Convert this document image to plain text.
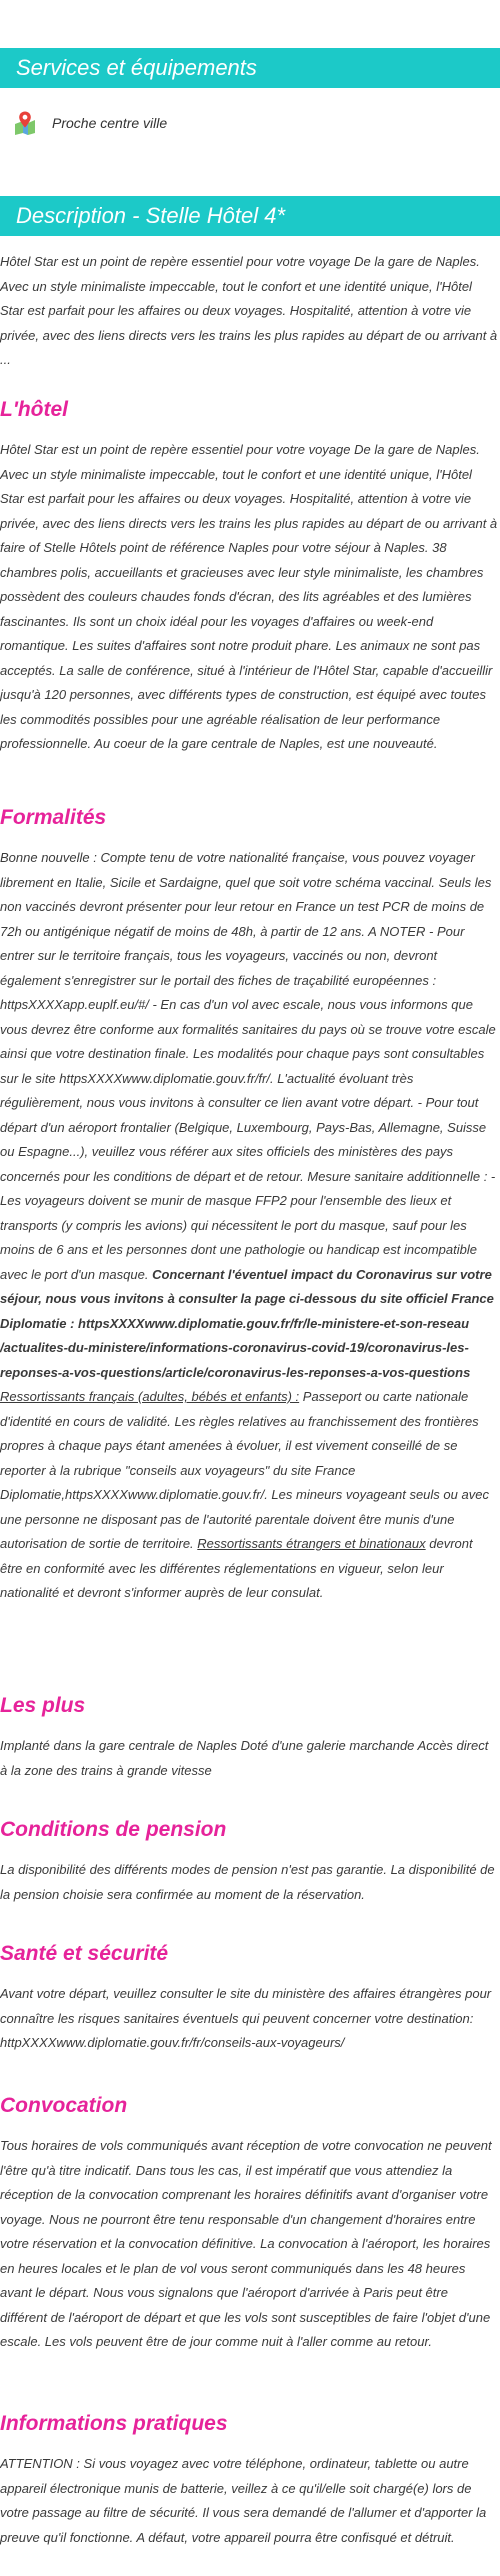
Services et équipements
Proche centre ville
Description - Stelle Hôtel 4*

Hôtel Star est un point de repère essentiel pour votre voyage De la gare de Naples. Avec un style minimaliste impeccable, tout le confort et une identité unique, l'Hôtel Star est parfait pour les affaires ou deux voyages. Hospitalité, attention à votre vie privée, avec des liens directs vers les trains les plus rapides au départ de ou arrivant à ...

L'hôtel

Hôtel Star est un point de repère essentiel pour votre voyage De la gare de Naples. Avec un style minimaliste impeccable, tout le confort et une identité unique, l'Hôtel Star est parfait pour les affaires ou deux voyages. Hospitalité, attention à votre vie privée, avec des liens directs vers les trains les plus rapides au départ de ou arrivant à faire of Stelle Hôtels point de référence Naples pour votre séjour à Naples. 38 chambres polis, accueillants et gracieuses avec leur style minimaliste, les chambres possèdent des couleurs chaudes fonds d'écran, des lits agréables et des lumières fascinantes. Ils sont un choix idéal pour les voyages d'affaires ou week-end romantique. Les suites d'affaires sont notre produit phare. Les animaux ne sont pas acceptés. La salle de conférence, situé à l'intérieur de l'Hôtel Star, capable d'accueillir jusqu'à 120 personnes, avec différents types de construction, est équipé avec toutes les commodités possibles pour une agréable réalisation de leur performance professionnelle. Au coeur de la gare centrale de Naples, est une nouveauté.

Formalités

Bonne nouvelle : Compte tenu de votre nationalité française, vous pouvez voyager librement en Italie, Sicile et Sardaigne, quel que soit votre schéma vaccinal. Seuls les non vaccinés devront présenter pour leur retour en France un test PCR de moins de 72h ou antigénique négatif de moins de 48h, à partir de 12 ans. A NOTER - Pour entrer sur le territoire français, tous les voyageurs, vaccinés ou non, devront également s'enregistrer sur le portail des fiches de traçabilité européennes : httpsXXXXapp.euplf.eu/#/ - En cas d'un vol avec escale, nous vous informons que vous devrez être conforme aux formalités sanitaires du pays où se trouve votre escale ainsi que votre destination finale. Les modalités pour chaque pays sont consultables sur le site httpsXXXXwww.diplomatie.gouv.fr/fr/. L'actualité évoluant très régulièrement, nous vous invitons à consulter ce lien avant votre départ. - Pour tout départ d'un aéroport frontalier (Belgique, Luxembourg, Pays-Bas, Allemagne, Suisse ou Espagne...), veuillez vous référer aux sites officiels des ministères des pays concernés pour les conditions de départ et de retour. Mesure sanitaire additionnelle : - Les voyageurs doivent se munir de masque FFP2 pour l'ensemble des lieux et transports (y compris les avions) qui nécessitent le port du masque, sauf pour les moins de 6 ans et les personnes dont une pathologie ou handicap est incompatible avec le port d'un masque. Concernant l'éventuel impact du Coronavirus sur votre séjour, nous vous invitons à consulter la page ci-dessous du site officiel France Diplomatie : httpsXXXXwww.diplomatie.gouv.fr/fr/le-ministere-et-son-reseau /actualites-du-ministere/informations-coronavirus-covid-19/coronavirus-les-reponses-a-vos-questions/article/coronavirus-les-reponses-a-vos-questions Ressortissants français (adultes, bébés et enfants) : Passeport ou carte nationale d'identité en cours de validité. Les règles relatives au franchissement des frontières propres à chaque pays étant amenées à évoluer, il est vivement conseillé de se reporter à la rubrique "conseils aux voyageurs" du site France Diplomatie,httpsXXXXwww.diplomatie.gouv.fr/. Les mineurs voyageant seuls ou avec une personne ne disposant pas de l'autorité parentale doivent être munis d'une autorisation de sortie de territoire. Ressortissants étrangers et binationaux devront être en conformité avec les différentes réglementations en vigueur, selon leur nationalité et devront s'informer auprès de leur consulat.

Les plus

Implanté dans la gare centrale de Naples Doté d'une galerie marchande Accès direct à la zone des trains à grande vitesse

Conditions de pension

La disponibilité des différents modes de pension n'est pas garantie. La disponibilité de la pension choisie sera confirmée au moment de la réservation.

Santé et sécurité

Avant votre départ, veuillez consulter le site du ministère des affaires étrangères pour connaître les risques sanitaires éventuels qui peuvent concerner votre destination: httpXXXXwww.diplomatie.gouv.fr/fr/conseils-aux-voyageurs/

Convocation

Tous horaires de vols communiqués avant réception de votre convocation ne peuvent l'être qu'à titre indicatif. Dans tous les cas, il est impératif que vous attendiez la réception de la convocation comprenant les horaires définitifs avant d'organiser votre voyage. Nous ne pourront être tenu responsable d'un changement d'horaires entre votre réservation et la convocation définitive. La convocation à l'aéroport, les horaires en heures locales et le plan de vol vous seront communiqués dans les 48 heures avant le départ. Nous vous signalons que l'aéroport d'arrivée à Paris peut être différent de l'aéroport de départ et que les vols sont susceptibles de faire l'objet d'une escale. Les vols peuvent être de jour comme nuit à l'aller comme au retour.

Informations pratiques

ATTENTION : Si vous voyagez avec votre téléphone, ordinateur, tablette ou autre appareil électronique munis de batterie, veillez à ce qu'il/elle soit chargé(e) lors de votre passage au filtre de sécurité. Il vous sera demandé de l'allumer et d'apporter la preuve qu'il fonctionne. A défaut, votre appareil pourra être confisqué et détruit.
